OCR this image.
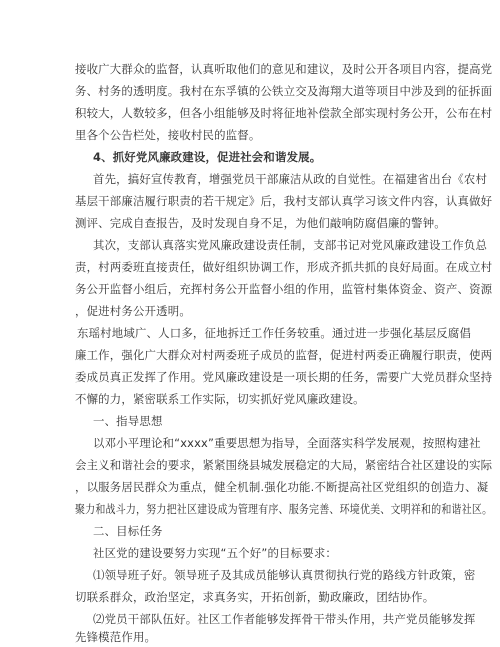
接收广大群众的监督，认真听取他们的意见和建议，及时公开各项目内容，提高党
务、村务的透明度。我村在东孚镇的公铁立交及海翔大道等项目中涉及到的征拆面
积较大，人数较多，但各小组能够及时将征地补偿款全部实现村务公开，公布在村
里各个公告栏处，接收村民的监督。
4、抓好党风廉政建设，促进社会和谐发展。
首先，搞好宣传教育，增强党员干部廉洁从政的自觉性。在福建省出台《农村
基层干部廉洁履行职责的若干规定》后，我村支部认真学习该文件内容，认真做好
测评、完成自查报告，及时发现自身不足，为他们敲响防腐倡廉的警钟。
其次，支部认真落实党风廉政建设责任制，支部书记对党风廉政建设工作负总
责，村两委班直接责任，做好组织协调工作，形成齐抓共抓的良好局面。在成立村
务公开监督小组后，充挥村务公开监督小组的作用，监管村集体资金、资产、资源
，促进村务公开透明。
东瑶村地域广、人口多，征地拆迁工作任务较重。通过进一步强化基层反腐倡
廉工作，强化广大群众对村两委班子成员的监督，促进村两委正确履行职责，使两
委成员真正发挥了作用。党风廉政建设是一项长期的任务，需要广大党员群众坚持
不懈的力，紧密联系工作实际，切实抓好党风廉政建设。
一、指导思想
以邓小平理论和“xxxx”重要思想为指导，全面落实科学发展观，按照构建社
会主义和谐社会的要求，紧紧围绕县城发展稳定的大局，紧密结合社区建设的实际
，以服务居民群众为重点，健全机制.强化功能.不断提高社区党组织的创造力、凝
聚力和战斗力，努力把社区建设成为管理有序、服务完善、环境优美、文明祥和的和谐社区。
二、目标任务
社区党的建设要努力实现“五个好”的目标要求：
⑴领导班子好。领导班子及其成员能够认真贯彻执行党的路线方针政策，密
切联系群众，政治坚定，求真务实，开拓创新，勤政廉政，团结协作。
⑵党员干部队伍好。社区工作者能够发挥骨干带头作用，共产党员能够发挥
先锋模范作用。
